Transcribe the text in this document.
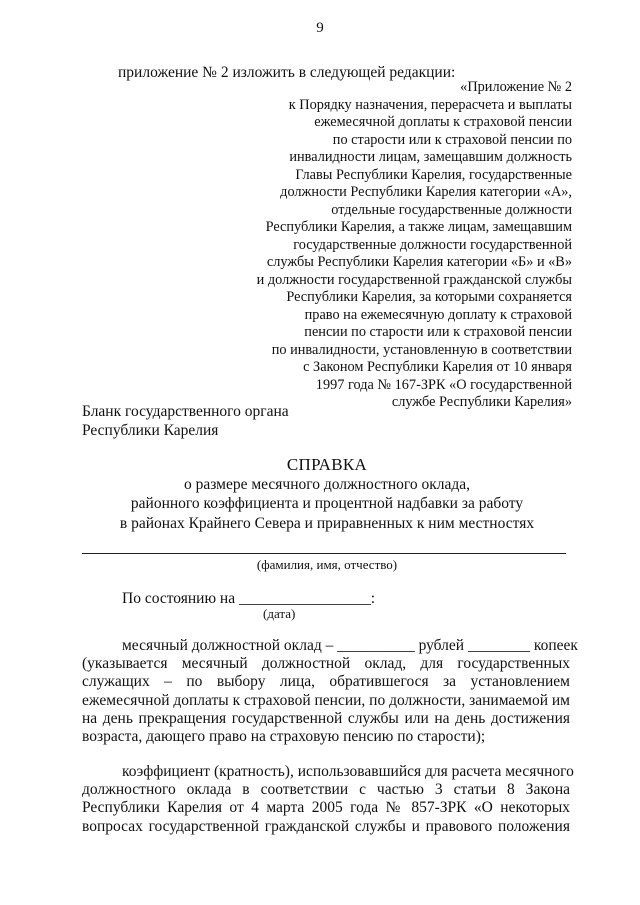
9
приложение № 2 изложить в следующей редакции:
«Приложение № 2
к Порядку назначения, перерасчета и выплаты
ежемесячной доплаты к страховой пенсии
по старости или к страховой пенсии по
инвалидности лицам, замещавшим должность
Главы Республики Карелия, государственные
должности Республики Карелия категории «А»,
отдельные государственные должности
Республики Карелия, а также лицам, замещавшим
государственные должности государственной
службы Республики Карелия категории «Б» и «В»
и должности государственной гражданской службы
Республики Карелия, за которыми сохраняется
право на ежемесячную доплату к страховой
пенсии по старости или к страховой пенсии
по инвалидности, установленную в соответствии
с Законом Республики Карелия от 10 января
1997 года № 167-ЗРК «О государственной
службе Республики Карелия»
Бланк государственного органа
Республики Карелия
СПРАВКА
о размере месячного должностного оклада,
районного коэффициента и процентной надбавки за работу
в районах Крайнего Севера и приравненных к ним местностях
(фамилия, имя, отчество)
По состоянию на _________________:
(дата)
месячный должностной оклад – __________ рублей ________ копеек
(указывается месячный должностной оклад, для государственных
служащих – по выбору лица, обратившегося за установлением
ежемесячной доплаты к страховой пенсии, по должности, занимаемой им
на день прекращения государственной службы или на день достижения
возраста, дающего право на страховую пенсию по старости);
коэффициент (кратность), использовавшийся для расчета месячного
должностного оклада в соответствии с частью 3 статьи 8 Закона
Республики Карелия от 4 марта 2005 года № 857-ЗРК «О некоторых
вопросах государственной гражданской службы и правового положения
